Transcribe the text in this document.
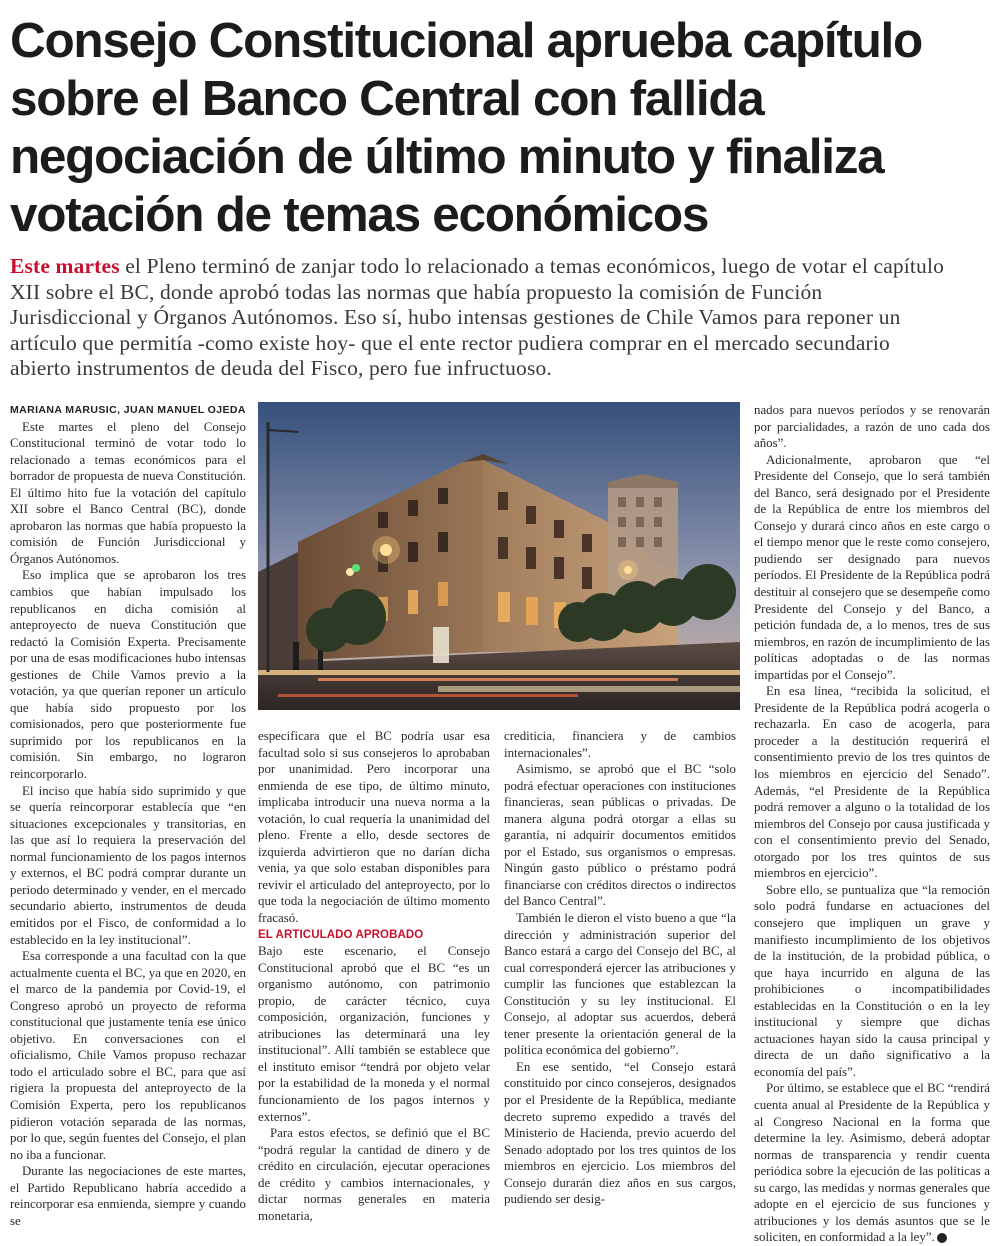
Consejo Constitucional aprueba capítulo
sobre el Banco Central con fallida
negociación de último minuto y finaliza
votación de temas económicos
Este martes el Pleno terminó de zanjar todo lo relacionado a temas económicos, luego de votar el capítulo
XII sobre el BC, donde aprobó todas las normas que había propuesto la comisión de Función
Jurisdiccional y Órganos Autónomos. Eso sí, hubo intensas gestiones de Chile Vamos para reponer un
artículo que permitía -como existe hoy- que el ente rector pudiera comprar en el mercado secundario
abierto instrumentos de deuda del Fisco, pero fue infructuoso.

MARIANA MARUSIC, JUAN MANUEL OJEDA

Este martes el pleno del Consejo Constitucional terminó de votar todo lo relacionado a temas económicos para el borrador de propuesta de nueva Constitución. El último hito fue la votación del capítulo XII sobre el Banco Central (BC), donde aprobaron las normas que había propuesto la comisión de Función Jurisdiccional y Órganos Autónomos.

Eso implica que se aprobaron los tres cambios que habían impulsado los republicanos en dicha comisión al anteproyecto de nueva Constitución que redactó la Comisión Experta. Precisamente por una de esas modificaciones hubo intensas gestiones de Chile Vamos previo a la votación, ya que querían reponer un artículo que había sido propuesto por los comisionados, pero que posteriormente fue suprimido por los republicanos en la comisión. Sin embargo, no lograron reincorporarlo.

El inciso que había sido suprimido y que se quería reincorporar establecía que “en situaciones excepcionales y transitorias, en las que así lo requiera la preservación del normal funcionamiento de los pagos internos y externos, el BC podrá comprar durante un periodo determinado y vender, en el mercado secundario abierto, instrumentos de deuda emitidos por el Fisco, de conformidad a lo establecido en la ley institucional”.

Esa corresponde a una facultad con la que actualmente cuenta el BC, ya que en 2020, en el marco de la pandemia por Covid-19, el Congreso aprobó un proyecto de reforma constitucional que justamente tenía ese único objetivo. En conversaciones con el oficialismo, Chile Vamos propuso rechazar todo el articulado sobre el BC, para que así rigiera la propuesta del anteproyecto de la Comisión Experta, pero los republicanos pidieron votación separada de las normas, por lo que, según fuentes del Consejo, el plan no iba a funcionar.

Durante las negociaciones de este martes, el Partido Republicano habría accedido a reincorporar esa enmienda, siempre y cuando se

especificara que el BC podría usar esa facultad solo si sus consejeros lo aprobaban por unanimidad. Pero incorporar una enmienda de ese tipo, de último minuto, implicaba introducir una nueva norma a la votación, lo cual requería la unanimidad del pleno. Frente a ello, desde sectores de izquierda advirtieron que no darían dicha venia, ya que solo estaban disponibles para revivir el articulado del anteproyecto, por lo que toda la negociación de último momento fracasó.

EL ARTICULADO APROBADO

Bajo este escenario, el Consejo Constitucional aprobó que el BC “es un organismo autónomo, con patrimonio propio, de carácter técnico, cuya composición, organización, funciones y atribuciones las determinará una ley institucional”. Allí también se establece que el instituto emisor “tendrá por objeto velar por la estabilidad de la moneda y el normal funcionamiento de los pagos internos y externos”.

Para estos efectos, se definió que el BC “podrá regular la cantidad de dinero y de crédito en circulación, ejecutar operaciones de crédito y cambios internacionales, y dictar normas generales en materia monetaria,

crediticia, financiera y de cambios internacionales”.

Asimismo, se aprobó que el BC “solo podrá efectuar operaciones con instituciones financieras, sean públicas o privadas. De manera alguna podrá otorgar a ellas su garantía, ni adquirir documentos emitidos por el Estado, sus organismos o empresas. Ningún gasto público o préstamo podrá financiarse con créditos directos o indirectos del Banco Central”.

También le dieron el visto bueno a que “la dirección y administración superior del Banco estará a cargo del Consejo del BC, al cual corresponderá ejercer las atribuciones y cumplir las funciones que establezcan la Constitución y su ley institucional. El Consejo, al adoptar sus acuerdos, deberá tener presente la orientación general de la política económica del gobierno”.

En ese sentido, “el Consejo estará constituido por cinco consejeros, designados por el Presidente de la República, mediante decreto supremo expedido a través del Ministerio de Hacienda, previo acuerdo del Senado adoptado por los tres quintos de los miembros en ejercicio. Los miembros del Consejo durarán diez años en sus cargos, pudiendo ser desig-

nados para nuevos períodos y se renovarán por parcialidades, a razón de uno cada dos años”.

Adicionalmente, aprobaron que “el Presidente del Consejo, que lo será también del Banco, será designado por el Presidente de la República de entre los miembros del Consejo y durará cinco años en este cargo o el tiempo menor que le reste como consejero, pudiendo ser designado para nuevos períodos. El Presidente de la República podrá destituir al consejero que se desempeñe como Presidente del Consejo y del Banco, a petición fundada de, a lo menos, tres de sus miembros, en razón de incumplimiento de las políticas adoptadas o de las normas impartidas por el Consejo”.

En esa línea, “recibida la solicitud, el Presidente de la República podrá acogerla o rechazarla. En caso de acogerla, para proceder a la destitución requerirá el consentimiento previo de los tres quintos de los miembros en ejercicio del Senado”. Además, “el Presidente de la República podrá remover a alguno o la totalidad de los miembros del Consejo por causa justificada y con el consentimiento previo del Senado, otorgado por los tres quintos de sus miembros en ejercicio”.

Sobre ello, se puntualiza que “la remoción solo podrá fundarse en actuaciones del consejero que impliquen un grave y manifiesto incumplimiento de los objetivos de la institución, de la probidad pública, o que haya incurrido en alguna de las prohibiciones o incompatibilidades establecidas en la Constitución o en la ley institucional y siempre que dichas actuaciones hayan sido la causa principal y directa de un daño significativo a la economía del país”.

Por último, se establece que el BC “rendirá cuenta anual al Presidente de la República y al Congreso Nacional en la forma que determine la ley. Asimismo, deberá adoptar normas de transparencia y rendir cuenta periódica sobre la ejecución de las políticas a su cargo, las medidas y normas generales que adopte en el ejercicio de sus funciones y atribuciones y los demás asuntos que se le soliciten, en conformidad a la ley”. P
